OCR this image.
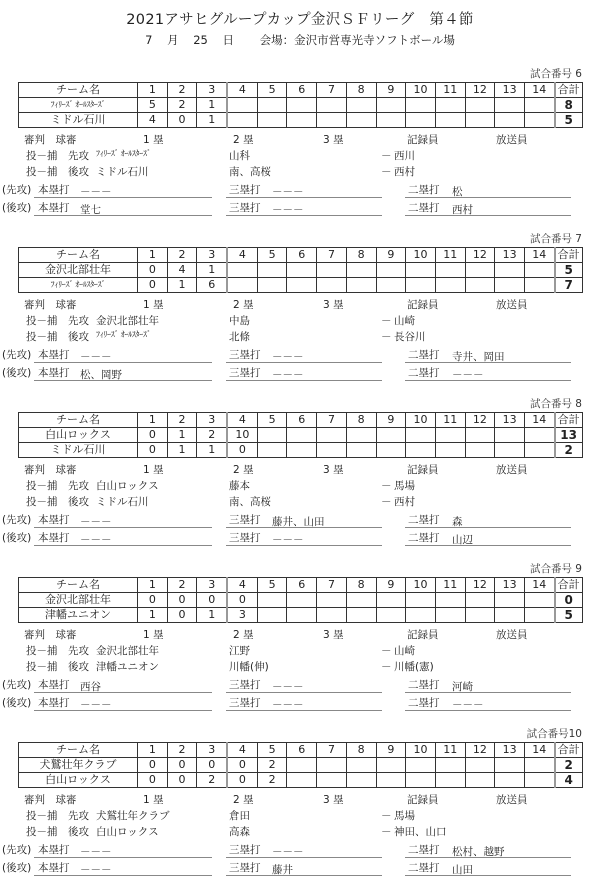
2021アサヒグループカップ金沢ＳＦリーグ　第４節
7 月 25 日 会場：金沢市営専光寺ソフトボール場
試合番号 6
チーム名	1	2	3	4	5	6	7	8	9	10	11	12	13	14	合計
ﾌｨﾘｰｽﾞ ｵｰﾙｽﾀｰｽﾞ	5	2	1												8
ミドル石川	4	0	1												5
審判　球審	1 塁	2 塁	3 塁	記録員	放送員
投－捕　先攻 ﾌｨﾘｰｽﾞ ｵｰﾙｽﾀｰｽﾞ	山科	－ 西川
投－捕　後攻 ミドル石川	南、高桜	－ 西村
(先攻) 本塁打 －－－	三塁打 －－－	二塁打 松
(後攻) 本塁打 堂七	三塁打 －－－	二塁打 西村
試合番号 7
チーム名	1	2	3	4	5	6	7	8	9	10	11	12	13	14	合計
金沢北部壮年	0	4	1												5
ﾌｨﾘｰｽﾞ ｵｰﾙｽﾀｰｽﾞ	0	1	6												7
審判　球審	1 塁	2 塁	3 塁	記録員	放送員
投－捕　先攻 金沢北部壮年	中島	－ 山崎
投－捕　後攻 ﾌｨﾘｰｽﾞ ｵｰﾙｽﾀｰｽﾞ	北條	－ 長谷川
(先攻) 本塁打 －－－	三塁打 －－－	二塁打 寺井、岡田
(後攻) 本塁打 松、岡野	三塁打 －－－	二塁打 －－－
試合番号 8
チーム名	1	2	3	4	5	6	7	8	9	10	11	12	13	14	合計
白山ロックス	0	1	2	10											13
ミドル石川	0	1	1	0											2
審判　球審	1 塁	2 塁	3 塁	記録員	放送員
投－捕　先攻 白山ロックス	藤本	－ 馬場
投－捕　後攻 ミドル石川	南、高桜	－ 西村
(先攻) 本塁打 －－－	三塁打 藤井、山田	二塁打 森
(後攻) 本塁打 －－－	三塁打 －－－	二塁打 山辺
試合番号 9
チーム名	1	2	3	4	5	6	7	8	9	10	11	12	13	14	合計
金沢北部壮年	0	0	0	0											0
津幡ユニオン	1	0	1	3											5
審判　球審	1 塁	2 塁	3 塁	記録員	放送員
投－捕　先攻 金沢北部壮年	江野	－ 山崎
投－捕　後攻 津幡ユニオン	川幡(伸)	－ 川幡(憲)
(先攻) 本塁打 西谷	三塁打 －－－	二塁打 河崎
(後攻) 本塁打 －－－	三塁打 －－－	二塁打 －－－
試合番号10
チーム名	1	2	3	4	5	6	7	8	9	10	11	12	13	14	合計
犬鷲壮年クラブ	0	0	0	0	2										2
白山ロックス	0	0	2	0	2										4
審判　球審	1 塁	2 塁	3 塁	記録員	放送員
投－捕　先攻 犬鷲壮年クラブ	倉田	－ 馬場
投－捕　後攻 白山ロックス	高森	－ 神田、山口
(先攻) 本塁打 －－－	三塁打 －－－	二塁打 松村、越野
(後攻) 本塁打 －－－	三塁打 藤井	二塁打 山田
